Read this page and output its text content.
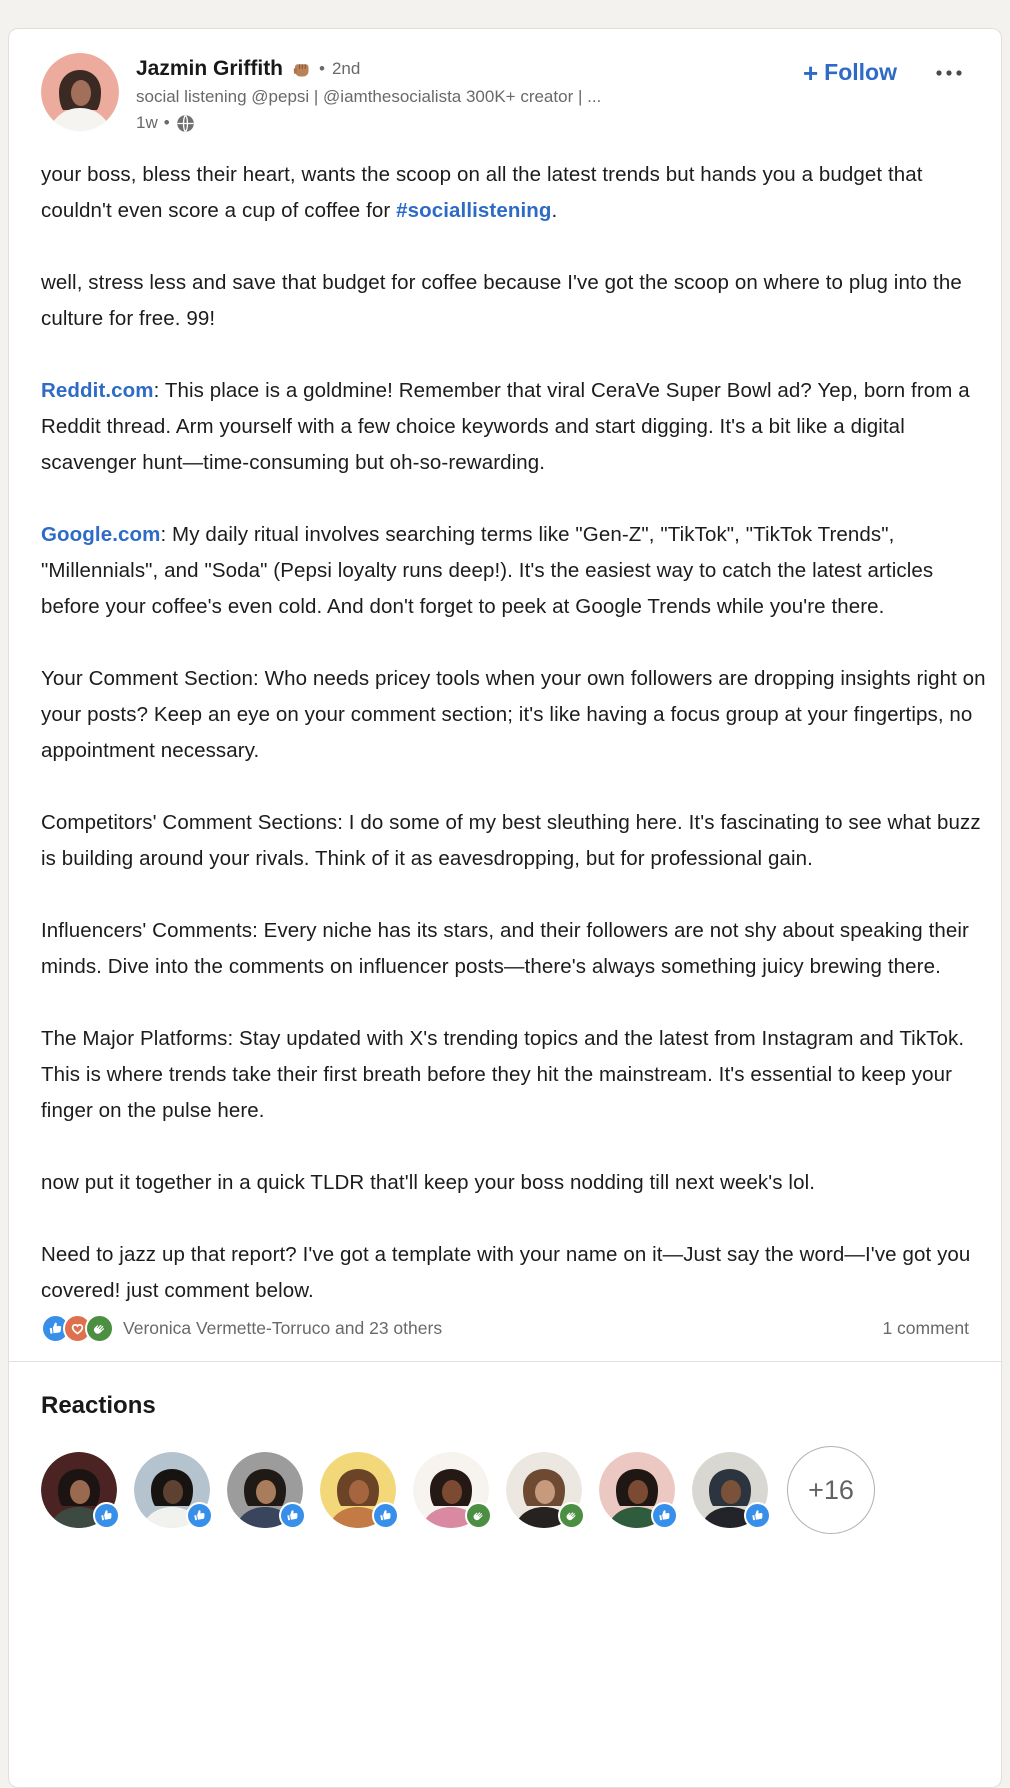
Jazmin Griffith • 2nd
social listening @pepsi | @iamthesocialista 300K+ creator | ...
1w •
+ Follow

your boss, bless their heart, wants the scoop on all the latest trends but hands you a budget that couldn't even score a cup of coffee for #sociallistening.

well, stress less and save that budget for coffee because I've got the scoop on where to plug into the culture for free. 99!

Reddit.com: This place is a goldmine! Remember that viral CeraVe Super Bowl ad? Yep, born from a Reddit thread. Arm yourself with a few choice keywords and start digging. It's a bit like a digital scavenger hunt—time-consuming but oh-so-rewarding.

Google.com: My daily ritual involves searching terms like "Gen-Z", "TikTok", "TikTok Trends", "Millennials", and "Soda" (Pepsi loyalty runs deep!). It's the easiest way to catch the latest articles before your coffee's even cold. And don't forget to peek at Google Trends while you're there.

Your Comment Section: Who needs pricey tools when your own followers are dropping insights right on your posts? Keep an eye on your comment section; it's like having a focus group at your fingertips, no appointment necessary.

Competitors' Comment Sections: I do some of my best sleuthing here. It's fascinating to see what buzz is building around your rivals. Think of it as eavesdropping, but for professional gain.

Influencers' Comments: Every niche has its stars, and their followers are not shy about speaking their minds. Dive into the comments on influencer posts—there's always something juicy brewing there.

The Major Platforms: Stay updated with X's trending topics and the latest from Instagram and TikTok. This is where trends take their first breath before they hit the mainstream. It's essential to keep your finger on the pulse here.

now put it together in a quick TLDR that'll keep your boss nodding till next week's lol.

Need to jazz up that report? I've got a template with your name on it—Just say the word—I've got you covered! just comment below.

Veronica Vermette-Torruco and 23 others	1 comment
Reactions
+16
